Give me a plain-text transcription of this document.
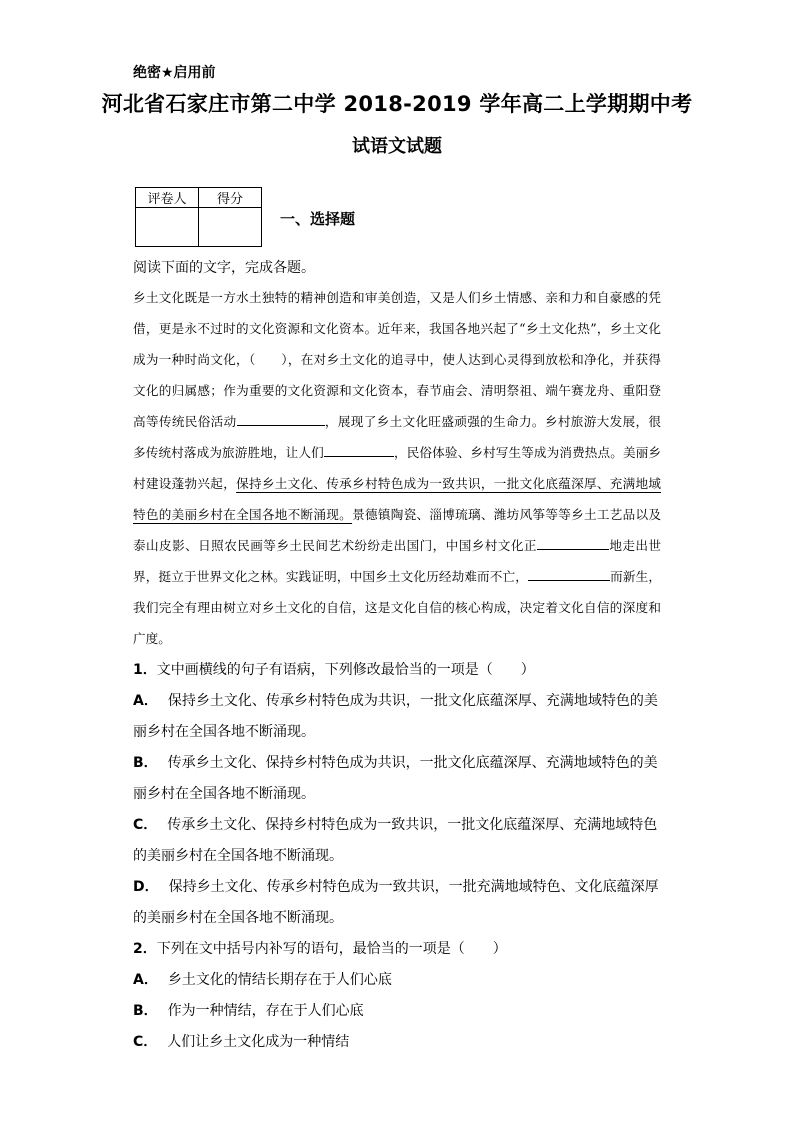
绝密★启用前
河北省石家庄市第二中学 2018-2019 学年高二上学期期中考
试语文试题
评卷人	得分

一、选择题
阅读下面的文字，完成各题。
乡土文化既是一方水土独特的精神创造和审美创造，又是人们乡土情感、亲和力和自豪感的凭借，更是永不过时的文化资源和文化资本。近年来，我国各地兴起了“乡土文化热”，乡土文化成为一种时尚文化，（　　），在对乡土文化的追寻中，使人达到心灵得到放松和净化，并获得文化的归属感；作为重要的文化资源和文化资本，春节庙会、清明祭祖、端午赛龙舟、重阳登高等传统民俗活动	，展现了乡土文化旺盛顽强的生命力。乡村旅游大发展，很多传统村落成为旅游胜地，让人们	，民俗体验、乡村写生等成为消费热点。美丽乡村建设蓬勃兴起，保持乡土文化、传承乡村特色成为一致共识，一批文化底蕴深厚、充满地域特色的美丽乡村在全国各地不断涌现。景德镇陶瓷、淄博琉璃、潍坊风筝等等乡土工艺品以及泰山皮影、日照农民画等乡土民间艺术纷纷走出国门，中国乡村文化正	地走出世界，挺立于世界文化之林。实践证明，中国乡土文化历经劫难而不亡，	而新生，我们完全有理由树立对乡土文化的自信，这是文化自信的核心构成，决定着文化自信的深度和广度。
1．文中画横线的句子有语病，下列修改最恰当的一项是（　　）
A． 保持乡土文化、传承乡村特色成为共识，一批文化底蕴深厚、充满地域特色的美丽乡村在全国各地不断涌现。
B． 传承乡土文化、保持乡村特色成为共识，一批文化底蕴深厚、充满地域特色的美丽乡村在全国各地不断涌现。
C． 传承乡土文化、保持乡村特色成为一致共识，一批文化底蕴深厚、充满地域特色的美丽乡村在全国各地不断涌现。
D． 保持乡土文化、传承乡村特色成为一致共识，一批充满地域特色、文化底蕴深厚的美丽乡村在全国各地不断涌现。
2．下列在文中括号内补写的语句，最恰当的一项是（　　）
A． 乡土文化的情结长期存在于人们心底
B． 作为一种情结，存在于人们心底
C． 人们让乡土文化成为一种情结
